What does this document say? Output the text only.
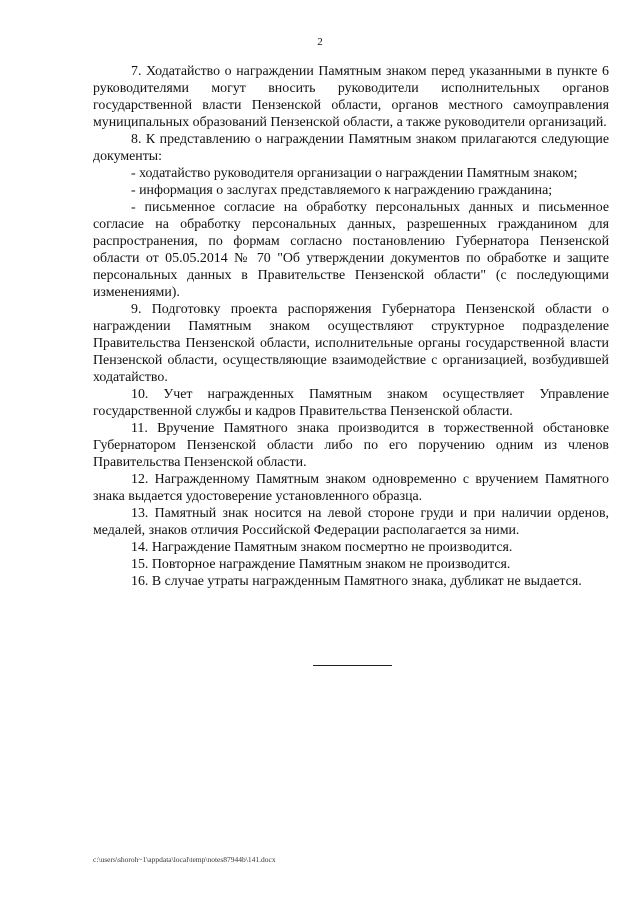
2

7. Ходатайство о награждении Памятным знаком перед указанными в пункте 6 руководителями могут вносить руководители исполнительных органов государственной власти Пензенской области, органов местного самоуправления муниципальных образований Пензенской области, а также руководители организаций.

8. К представлению о награждении Памятным знаком прилагаются следующие документы:

- ходатайство руководителя организации о награждении Памятным знаком;

- информация о заслугах представляемого к награждению гражданина;

- письменное согласие на обработку персональных данных и письменное согласие на обработку персональных данных, разрешенных гражданином для распространения, по формам согласно постановлению Губернатора Пензенской области от 05.05.2014 № 70 "Об утверждении документов по обработке и защите персональных данных в Правительстве Пензенской области" (с последующими изменениями).

9. Подготовку проекта распоряжения Губернатора Пензенской области о награждении Памятным знаком осуществляют структурное подразделение Правительства Пензенской области, исполнительные органы государственной власти Пензенской области, осуществляющие взаимодействие с организацией, возбудившей ходатайство.

10. Учет награжденных Памятным знаком осуществляет Управление государственной службы и кадров Правительства Пензенской области.

11. Вручение Памятного знака производится в торжественной обстановке Губернатором Пензенской области либо по его поручению одним из членов Правительства Пензенской области.

12. Награжденному Памятным знаком одновременно с вручением Памятного знака выдается удостоверение установленного образца.

13. Памятный знак носится на левой стороне груди и при наличии орденов, медалей, знаков отличия Российской Федерации располагается за ними.

14. Награждение Памятным знаком посмертно не производится.

15. Повторное награждение Памятным знаком не производится.

16. В случае утраты награжденным Памятного знака, дубликат не выдается.

c:\users\shoroh~1\appdata\local\temp\notes87944b\141.docx
